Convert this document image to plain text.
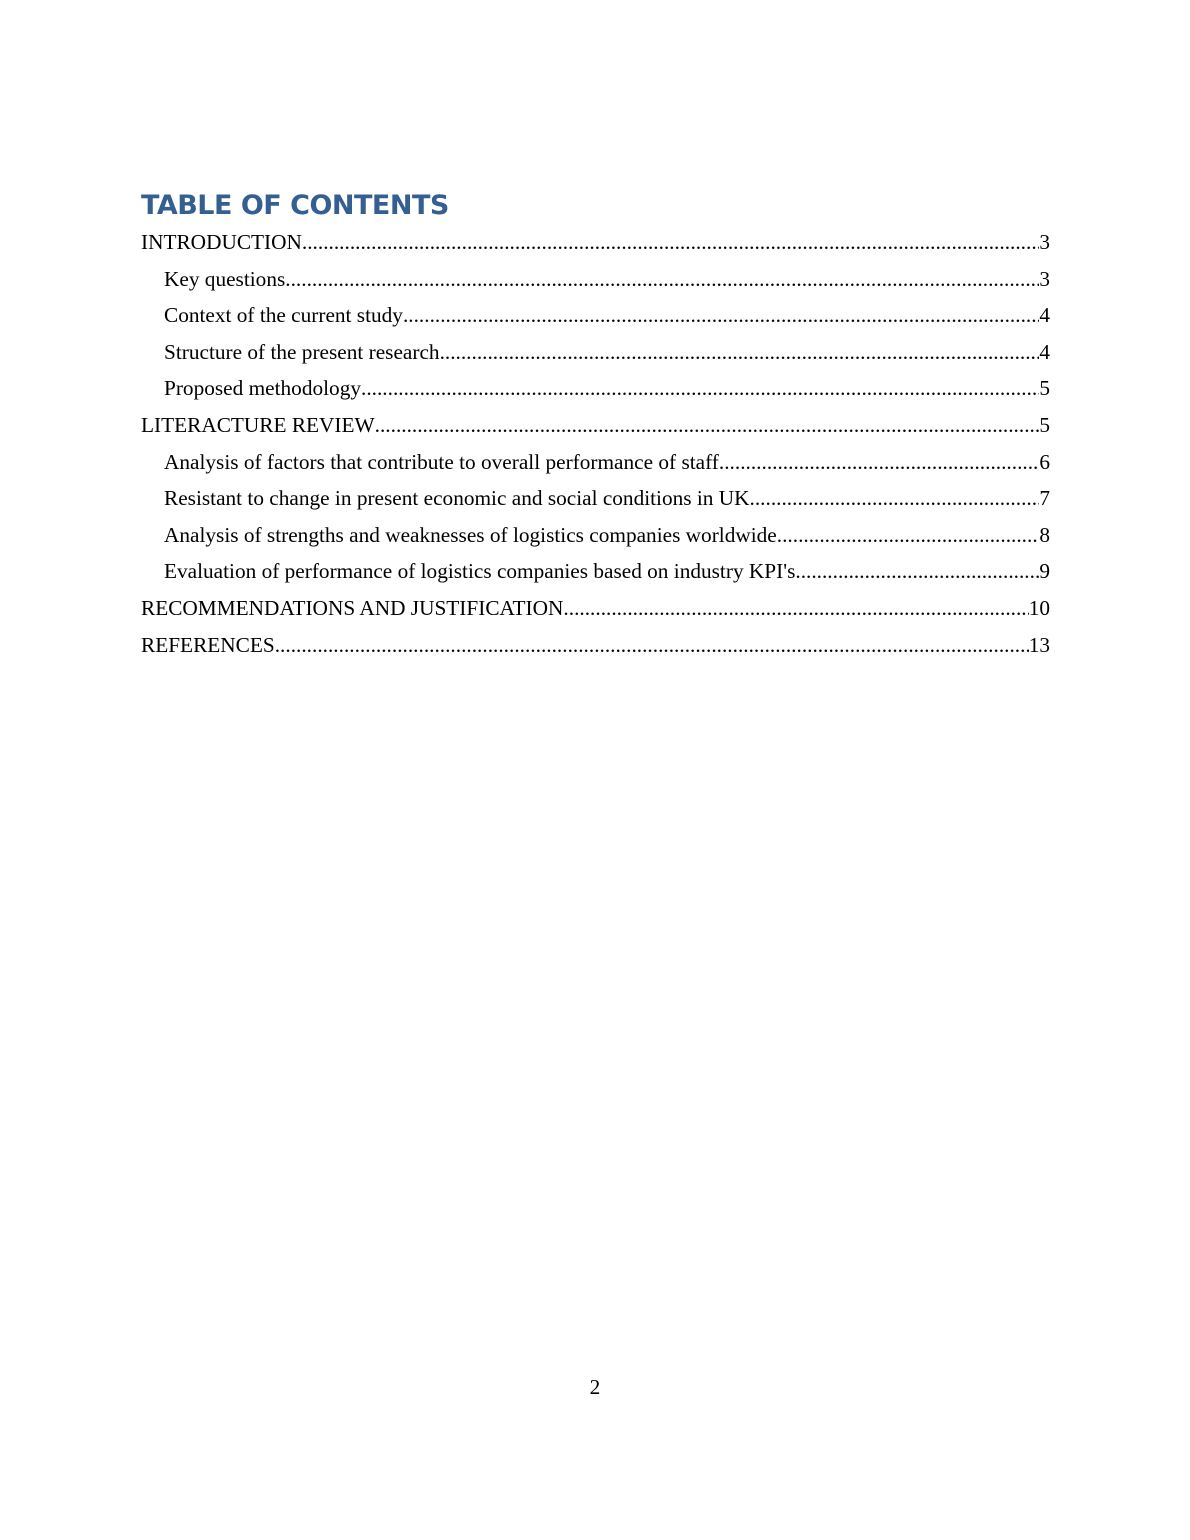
TABLE OF CONTENTS
INTRODUCTION .....	3
Key questions .....	3
Context of the current study .....	4
Structure of the present research .....	4
Proposed methodology .....	5
LITERACTURE REVIEW .....	5
Analysis of factors that contribute to overall performance of staff .....	6
Resistant to change in present economic and social conditions in UK .....	7
Analysis of strengths and weaknesses of logistics companies worldwide .....	8
Evaluation of performance of logistics companies based on industry KPI's. .....	9
RECOMMENDATIONS AND JUSTIFICATION .....	10
REFERENCES .....	13
2
